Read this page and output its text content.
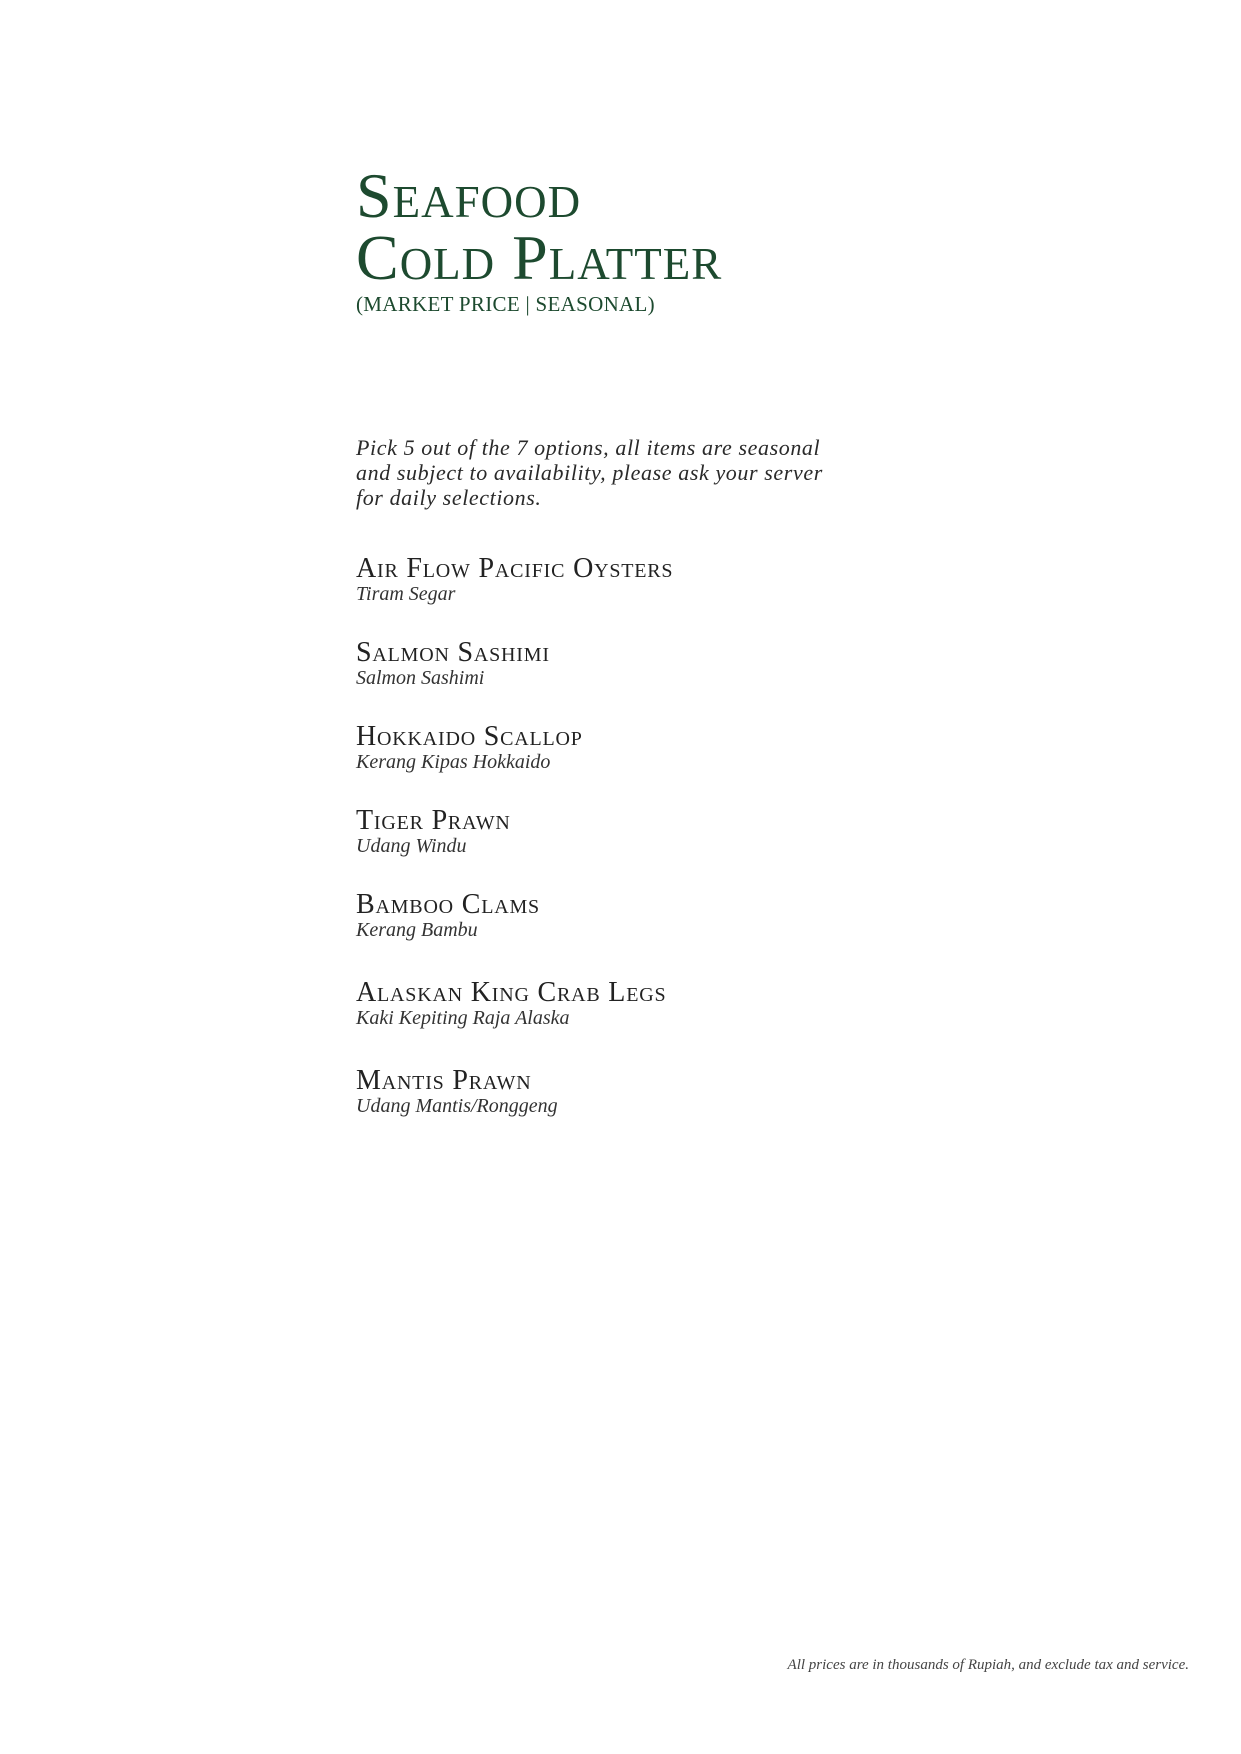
Seafood
Cold Platter
(MARKET PRICE | SEASONAL)
Pick 5 out of the 7 options, all items are seasonal
and subject to availability, please ask your server
for daily selections.
Air Flow Pacific Oysters
Tiram Segar
Salmon Sashimi
Salmon Sashimi
Hokkaido Scallop
Kerang Kipas Hokkaido
Tiger Prawn
Udang Windu
Bamboo Clams
Kerang Bambu
Alaskan King Crab Legs
Kaki Kepiting Raja Alaska
Mantis Prawn
Udang Mantis/Ronggeng
All prices are in thousands of Rupiah, and exclude tax and service.
